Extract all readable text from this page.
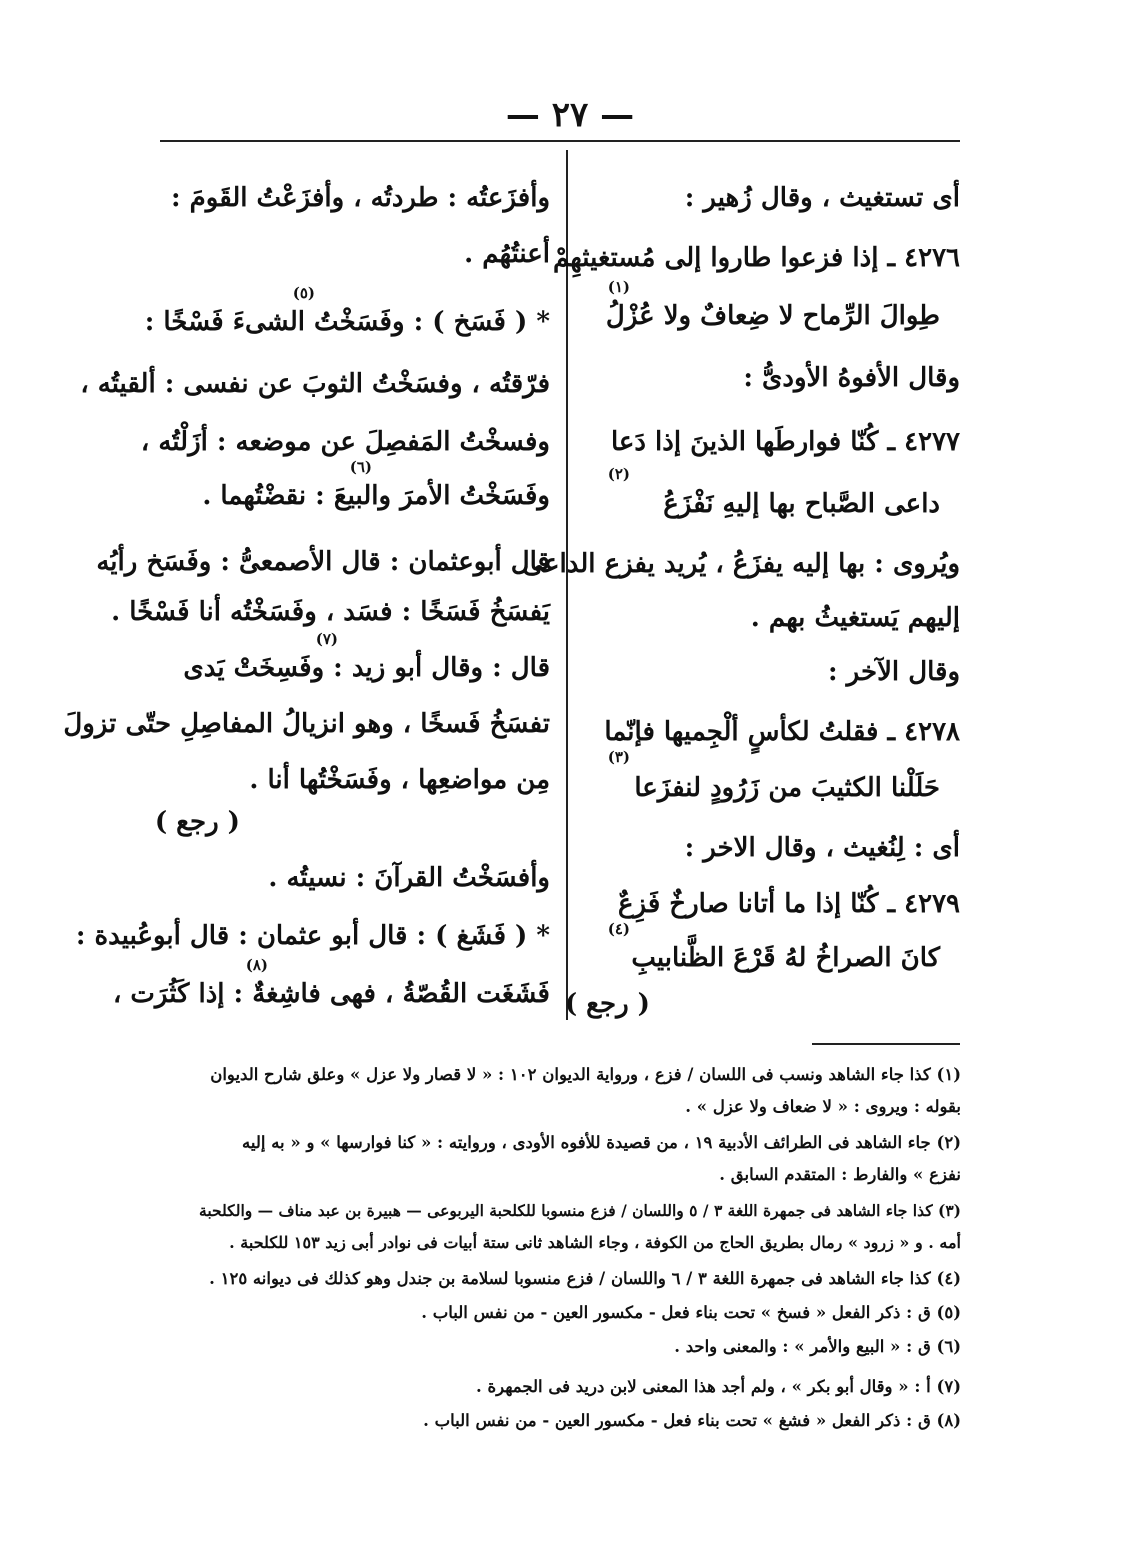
— ٢٧ —
أى تستغيث ، وقال زُهير :
٤٢٧٦ ـ إذا فزعوا طاروا إلى مُستغيثهِمْ
(١)
طِوالَ الرِّماح لا ضِعافٌ ولا عُزْلُ
وقال الأفوهُ الأودىُّ :
٤٢٧٧ ـ كُنّا فوارطَها الذينَ إذا دَعا
(٢)
داعى الصَّباح بها إليهِ نَفْزَعُ
ويُروى : بها إليه يفزَعُ ، يُريد يفزع الداعى
إليهم يَستغيثُ بهم .
وقال الآخر :
٤٢٧٨ ـ فقلتُ لكأسٍ ألْجِميها فإنّما
(٣)
حَلَلْنا الكثيبَ من زَرُودٍ لنفزَعا
أى : لِنُغيث ، وقال الاخر :
٤٢٧٩ ـ كُنّا إذا ما أتانا صارخٌ فَزِعٌ
(٤)
كانَ الصراخُ لهُ قَرْعَ الظَّنابيبِ
( رجع )
وأفزَعتُه : طردتُه ، وأفزَعْتُ القَومَ :
أعنتُهُم .
(٥)
* ( فَسَخ ) : وفَسَخْتُ الشىءَ فَسْخًا :
فرّقتُه ، وفسَخْتُ الثوبَ عن نفسى : ألقيتُه ،
وفسخْتُ المَفصِلَ عن موضعه : أزَلْتُه ،
(٦)
وفَسَخْتُ الأمرَ والبيعَ : نقضْتُهما .
قال أبوعثمان : قال الأصمعىُّ : وفَسَخ رأيُه
يَفسَخُ فَسَخًا : فسَد ، وفَسَخْتُه أنا فَسْخًا .
(٧)
قال : وقال أبو زيد : وفَسِخَتْ يَدى
تفسَخُ فَسخًا ، وهو انزيالُ المفاصِلِ حتّى تزولَ
مِن مواضعِها ، وفَسَخْتُها أنا .
( رجع )
وأفسَخْتُ القرآنَ : نسيتُه .
* ( فَشَغ ) : قال أبو عثمان : قال أبوعُبيدة :
(٨)
فَشَغَت القُصّةُ ، فهى فاشِغةٌ : إذا كَثُرَت ،
(١) كذا جاء الشاهد ونسب فى اللسان / فزع ، ورواية الديوان ١٠٢ : « لا قصار ولا عزل » وعلق شارح الديوان
بقوله : ويروى : « لا ضعاف ولا عزل » .
(٢) جاء الشاهد فى الطرائف الأدبية ١٩ ، من قصيدة للأفوه الأودى ، وروايته : « كنا فوارسها » و « به إليه
نفزع » والفارط : المتقدم السابق .
(٣) كذا جاء الشاهد فى جمهرة اللغة ٣ / ٥ واللسان / فزع منسوبا للكلحبة اليربوعى — هبيرة بن عبد مناف — والكلحبة
أمه . و « زرود » رمال بطريق الحاج من الكوفة ، وجاء الشاهد ثانى ستة أبيات فى نوادر أبى زيد ١٥٣ للكلحبة .
(٤) كذا جاء الشاهد فى جمهرة اللغة ٣ / ٦ واللسان / فزع منسوبا لسلامة بن جندل وهو كذلك فى ديوانه ١٢٥ .
(٥) ق : ذكر الفعل « فسخ » تحت بناء فعل - مكسور العين - من نفس الباب .
(٦) ق : « البيع والأمر » : والمعنى واحد .
(٧) أ : « وقال أبو بكر » ، ولم أجد هذا المعنى لابن دريد فى الجمهرة .
(٨) ق : ذكر الفعل « فشغ » تحت بناء فعل - مكسور العين - من نفس الباب .
